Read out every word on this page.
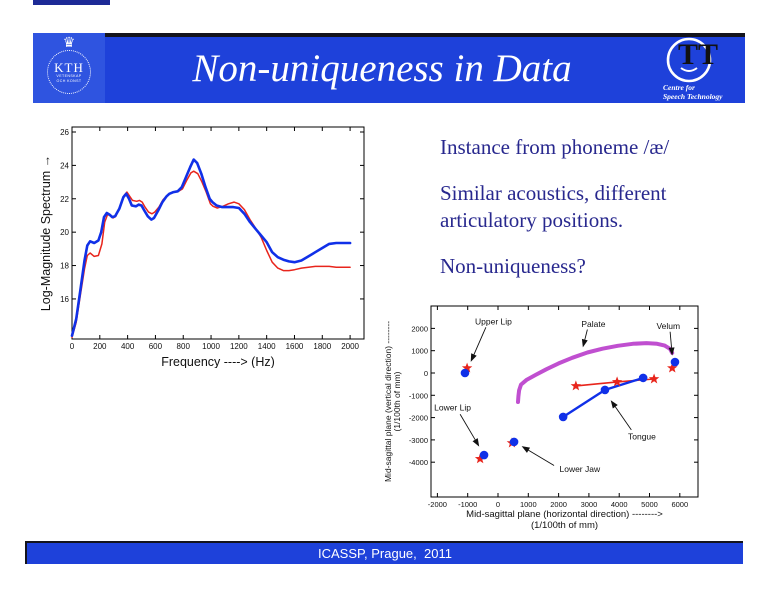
♛
KTH
VETENSKAP
OCH KONST	Non-uniqueness in Data	TT
Centre for
Speech Technology

Instance from phoneme /æ/

Similar acoustics, different articulatory positions.

Non-uniqueness?

0 200 400 600 800 1000 1200 1400 1600 1800 2000
16
18
20
22
24
26
Frequency ----> (Hz)
Log-Magnitude Spectrum →
-2000 -1000 0	1000 2000 3000 4000 5000 6000
-4000
-3000
-2000
-1000
0
1000
2000
Upper Lip	Palate	Velum
Lower Lip
Lower Jaw
Tongue
Mid-sagittal plane (horizontal direction) -------->
(1/100th of mm)
Mid-sagittal plane (vertical direction) -------- (1/100th of mm)
ICASSP, Prague,  2011
